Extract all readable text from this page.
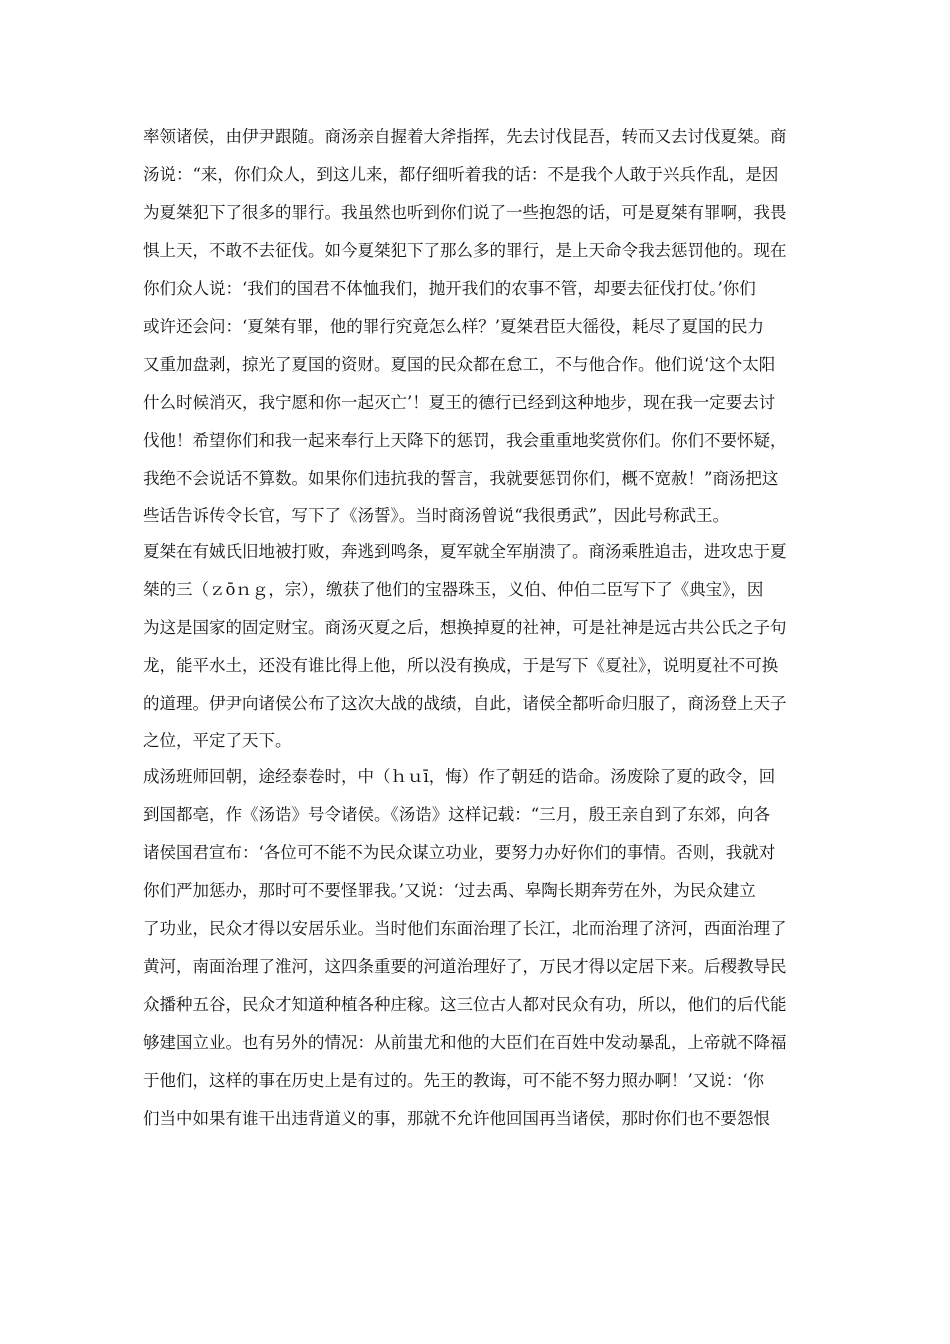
率领诸侯，由伊尹跟随。商汤亲自握着大斧指挥，先去讨伐昆吾，转而又去讨伐夏桀。商

汤说：“来，你们众人，到这儿来，都仔细听着我的话：不是我个人敢于兴兵作乱，是因

为夏桀犯下了很多的罪行。我虽然也听到你们说了一些抱怨的话，可是夏桀有罪啊，我畏

惧上天，不敢不去征伐。如今夏桀犯下了那么多的罪行，是上天命令我去惩罚他的。现在

你们众人说：‘我们的国君不体恤我们，抛开我们的农事不管，却要去征伐打仗。’你们

或许还会问：‘夏桀有罪，他的罪行究竟怎么样？’夏桀君臣大徭役，耗尽了夏国的民力

又重加盘剥，掠光了夏国的资财。夏国的民众都在怠工，不与他合作。他们说‘这个太阳

什么时候消灭，我宁愿和你一起灭亡’！夏王的德行已经到这种地步，现在我一定要去讨

伐他！希望你们和我一起来奉行上天降下的惩罚，我会重重地奖赏你们。你们不要怀疑，

我绝不会说话不算数。如果你们违抗我的誓言，我就要惩罚你们，概不宽赦！”商汤把这

些话告诉传令长官，写下了《汤誓》。当时商汤曾说“我很勇武”，因此号称武王。

夏桀在有娀氏旧地被打败，奔逃到鸣条，夏军就全军崩溃了。商汤乘胜追击，进攻忠于夏

桀的三（ｚōｎｇ，宗），缴获了他们的宝器珠玉，义伯、仲伯二臣写下了《典宝》，因

为这是国家的固定财宝。商汤灭夏之后，想换掉夏的社神，可是社神是远古共公氏之子句

龙，能平水土，还没有谁比得上他，所以没有换成，于是写下《夏社》，说明夏社不可换

的道理。伊尹向诸侯公布了这次大战的战绩，自此，诸侯全都听命归服了，商汤登上天子

之位，平定了天下。

成汤班师回朝，途经泰卷时，中（ｈｕī，悔）作了朝廷的诰命。汤废除了夏的政令，回

到国都亳，作《汤诰》号令诸侯。《汤诰》这样记载：“三月，殷王亲自到了东郊，向各

诸侯国君宣布：‘各位可不能不为民众谋立功业，要努力办好你们的事情。否则，我就对

你们严加惩办，那时可不要怪罪我。’又说：‘过去禹、皋陶长期奔劳在外，为民众建立

了功业，民众才得以安居乐业。当时他们东面治理了长江，北而治理了济河，西面治理了

黄河，南面治理了淮河，这四条重要的河道治理好了，万民才得以定居下来。后稷教导民

众播种五谷，民众才知道种植各种庄稼。这三位古人都对民众有功，所以，他们的后代能

够建国立业。也有另外的情况：从前蚩尤和他的大臣们在百姓中发动暴乱，上帝就不降福

于他们，这样的事在历史上是有过的。先王的教诲，可不能不努力照办啊！’又说：‘你

们当中如果有谁干出违背道义的事，那就不允许他回国再当诸侯，那时你们也不要怨恨
